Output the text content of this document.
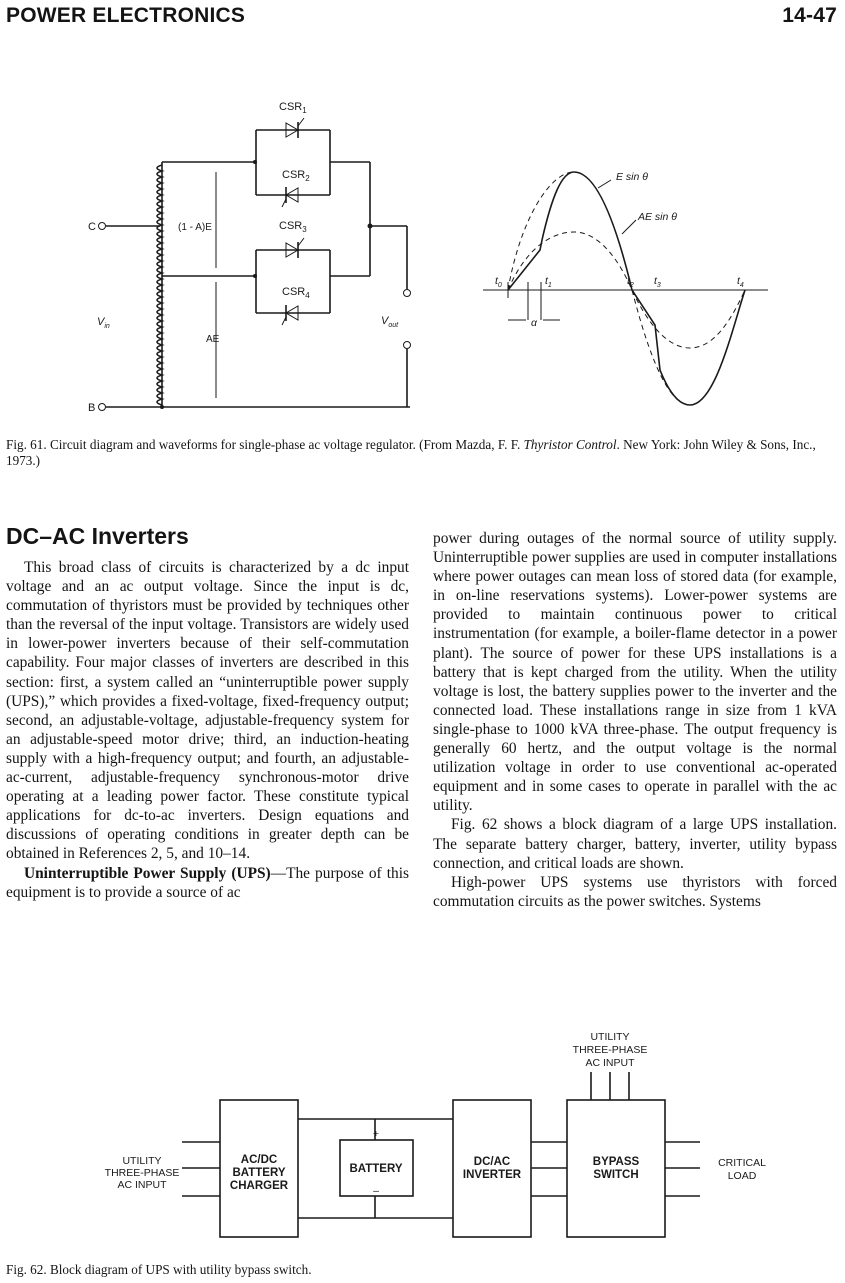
POWER ELECTRONICS	14-47
$CSR_1$
$CSR_2$
$CSR_3$
$CSR_4$
C
B
$V_{in}$	$V_{out}$
(1 - A)E
AE
E sin θ
AE sin θ
$t_0$	$t_1$	$t_2$ $t_3$	$t_4$
α
Fig. 61. Circuit diagram and waveforms for single-phase ac voltage regulator. (From Mazda, F. F. Thyristor Control. New York: John Wiley & Sons, Inc., 1973.)
DC–AC Inverters

This broad class of circuits is characterized by a dc input voltage and an ac output voltage. Since the input is dc, commutation of thyristors must be provided by techniques other than the reversal of the input voltage. Transistors are widely used in lower-power inverters because of their self-commutation capability. Four major classes of inverters are described in this section: first, a system called an “uninterruptible power supply (UPS),” which provides a fixed-voltage, fixed-frequency output; second, an adjustable-voltage, adjustable-frequency system for an adjustable-speed motor drive; third, an induction-heating supply with a high-frequency output; and fourth, an adjustable-ac-current, adjustable-frequency synchronous-motor drive operating at a leading power factor. These constitute typical applications for dc-to-ac inverters. Design equations and discussions of operating conditions in greater depth can be obtained in References 2, 5, and 10–14.

Uninterruptible Power Supply (UPS)—The purpose of this equipment is to provide a source of ac

power during outages of the normal source of utility supply. Uninterruptible power supplies are used in computer installations where power outages can mean loss of stored data (for example, in on-line reservations systems). Lower-power systems are provided to maintain continuous power to critical instrumentation (for example, a boiler-flame detector in a power plant). The source of power for these UPS installations is a battery that is kept charged from the utility. When the utility voltage is lost, the battery supplies power to the inverter and the connected load. These installations range in size from 1 kVA single-phase to 1000 kVA three-phase. The output frequency is generally 60 hertz, and the output voltage is the normal utilization voltage in order to use conventional ac-operated equipment and in some cases to operate in parallel with the ac utility.

Fig. 62 shows a block diagram of a large UPS installation. The separate battery charger, battery, inverter, utility bypass connection, and critical loads are shown.

High-power UPS systems use thyristors with forced commutation circuits as the power switches. Systems

UTILITY
THREE-PHASE
AC INPUT
UTILITY
THREE-PHASE
AC INPUT
AC/DC
BATTERY
CHARGER
BATTERY
+
–
DC/AC
INVERTER
BYPASS
SWITCH
CRITICAL
LOAD
Fig. 62. Block diagram of UPS with utility bypass switch.
